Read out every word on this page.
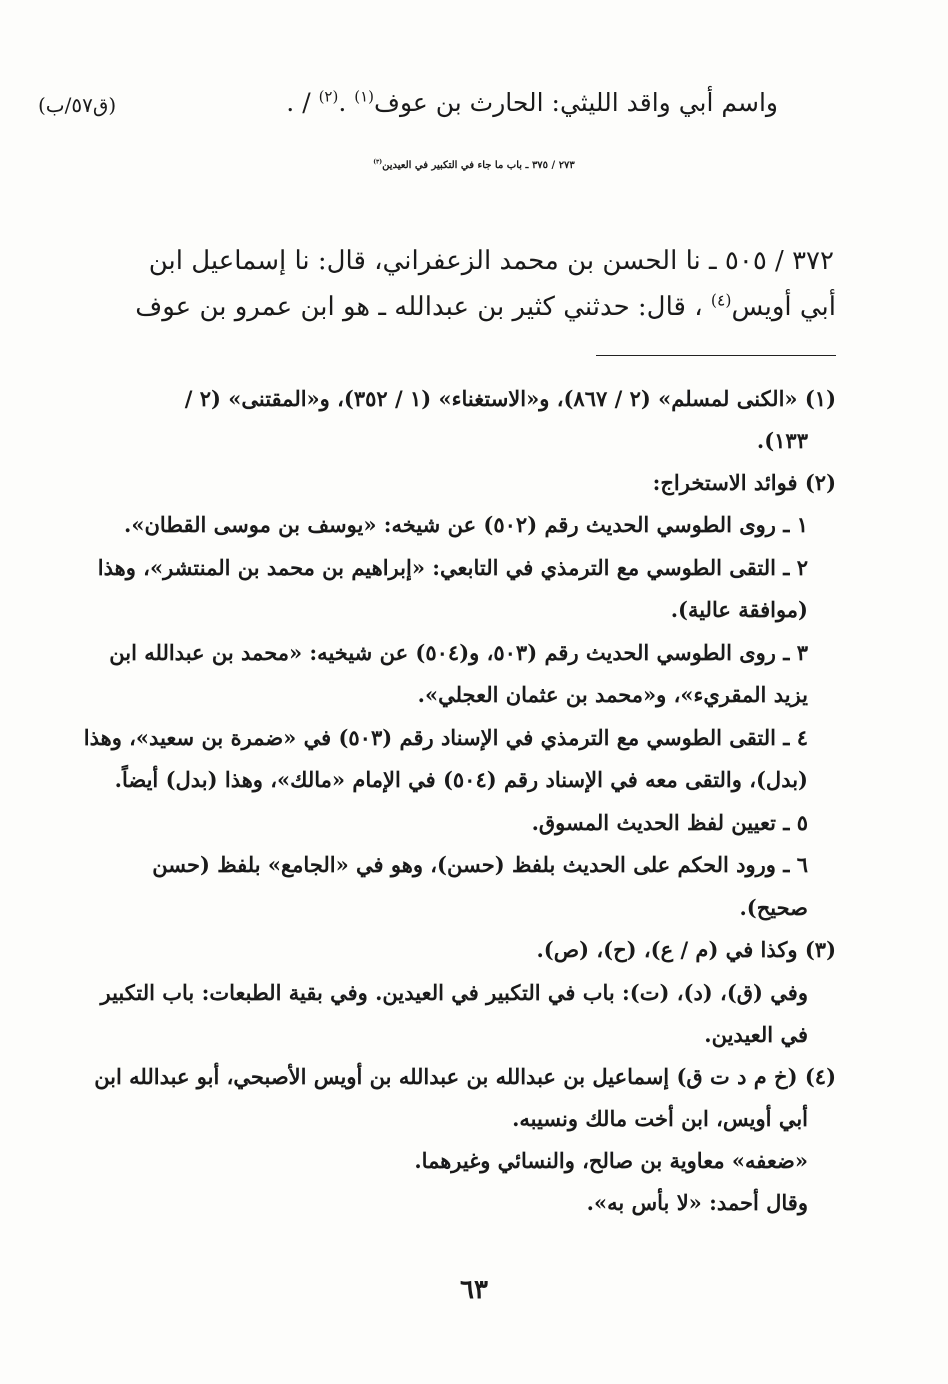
واسم أبي واقد الليثي: الحارث بن عوف$^{(١)}$ .$^{(٢)}$ / .
(ق٥٧/ب)
٢٧٣ / ٣٧٥ ـ باب ما جاء في التكبير في العيدين$^{(٣)}$
٣٧٢ / ٥٠٥ ـ نا الحسن بن محمد الزعفراني، قال: نا إسماعيل ابن
أبي أويس$^{(٤)}$ ، قال: حدثني كثير بن عبدالله ـ هو ابن عمرو بن عوف
(١) «الكنى لمسلم» (٢ / ٨٦٧)، و«الاستغناء» (١ / ٣٥٢)، و«المقتنى» (٢ /
١٣٣).
(٢) فوائد الاستخراج:
١ ـ روى الطوسي الحديث رقم (٥٠٢) عن شيخه: «يوسف بن موسى القطان».
٢ ـ التقى الطوسي مع الترمذي في التابعي: «إبراهيم بن محمد بن المنتشر»، وهذا
(موافقة عالية).
٣ ـ روى الطوسي الحديث رقم (٥٠٣، و(٥٠٤) عن شيخيه: «محمد بن عبدالله ابن
يزيد المقريء»، و«محمد بن عثمان العجلي».
٤ ـ التقى الطوسي مع الترمذي في الإسناد رقم (٥٠٣) في «ضمرة بن سعيد»، وهذا
(بدل)، والتقى معه في الإسناد رقم (٥٠٤) في الإمام «مالك»، وهذا (بدل) أيضاً.
٥ ـ تعيين لفظ الحديث المسوق.
٦ ـ ورود الحكم على الحديث بلفظ (حسن)، وهو في «الجامع» بلفظ (حسن
صحيح).
(٣) وكذا في (م / ع)، (ح)، (ص).
وفي (ق)، (د)، (ت): باب في التكبير في العيدين. وفي بقية الطبعات: باب التكبير
في العيدين.
(٤) (خ م د ت ق) إسماعيل بن عبدالله بن عبدالله بن أويس الأصبحي، أبو عبدالله ابن
أبي أويس، ابن أخت مالك ونسيبه.
«ضعفه» معاوية بن صالح، والنسائي وغيرهما.
وقال أحمد: «لا بأس به».
٦٣
